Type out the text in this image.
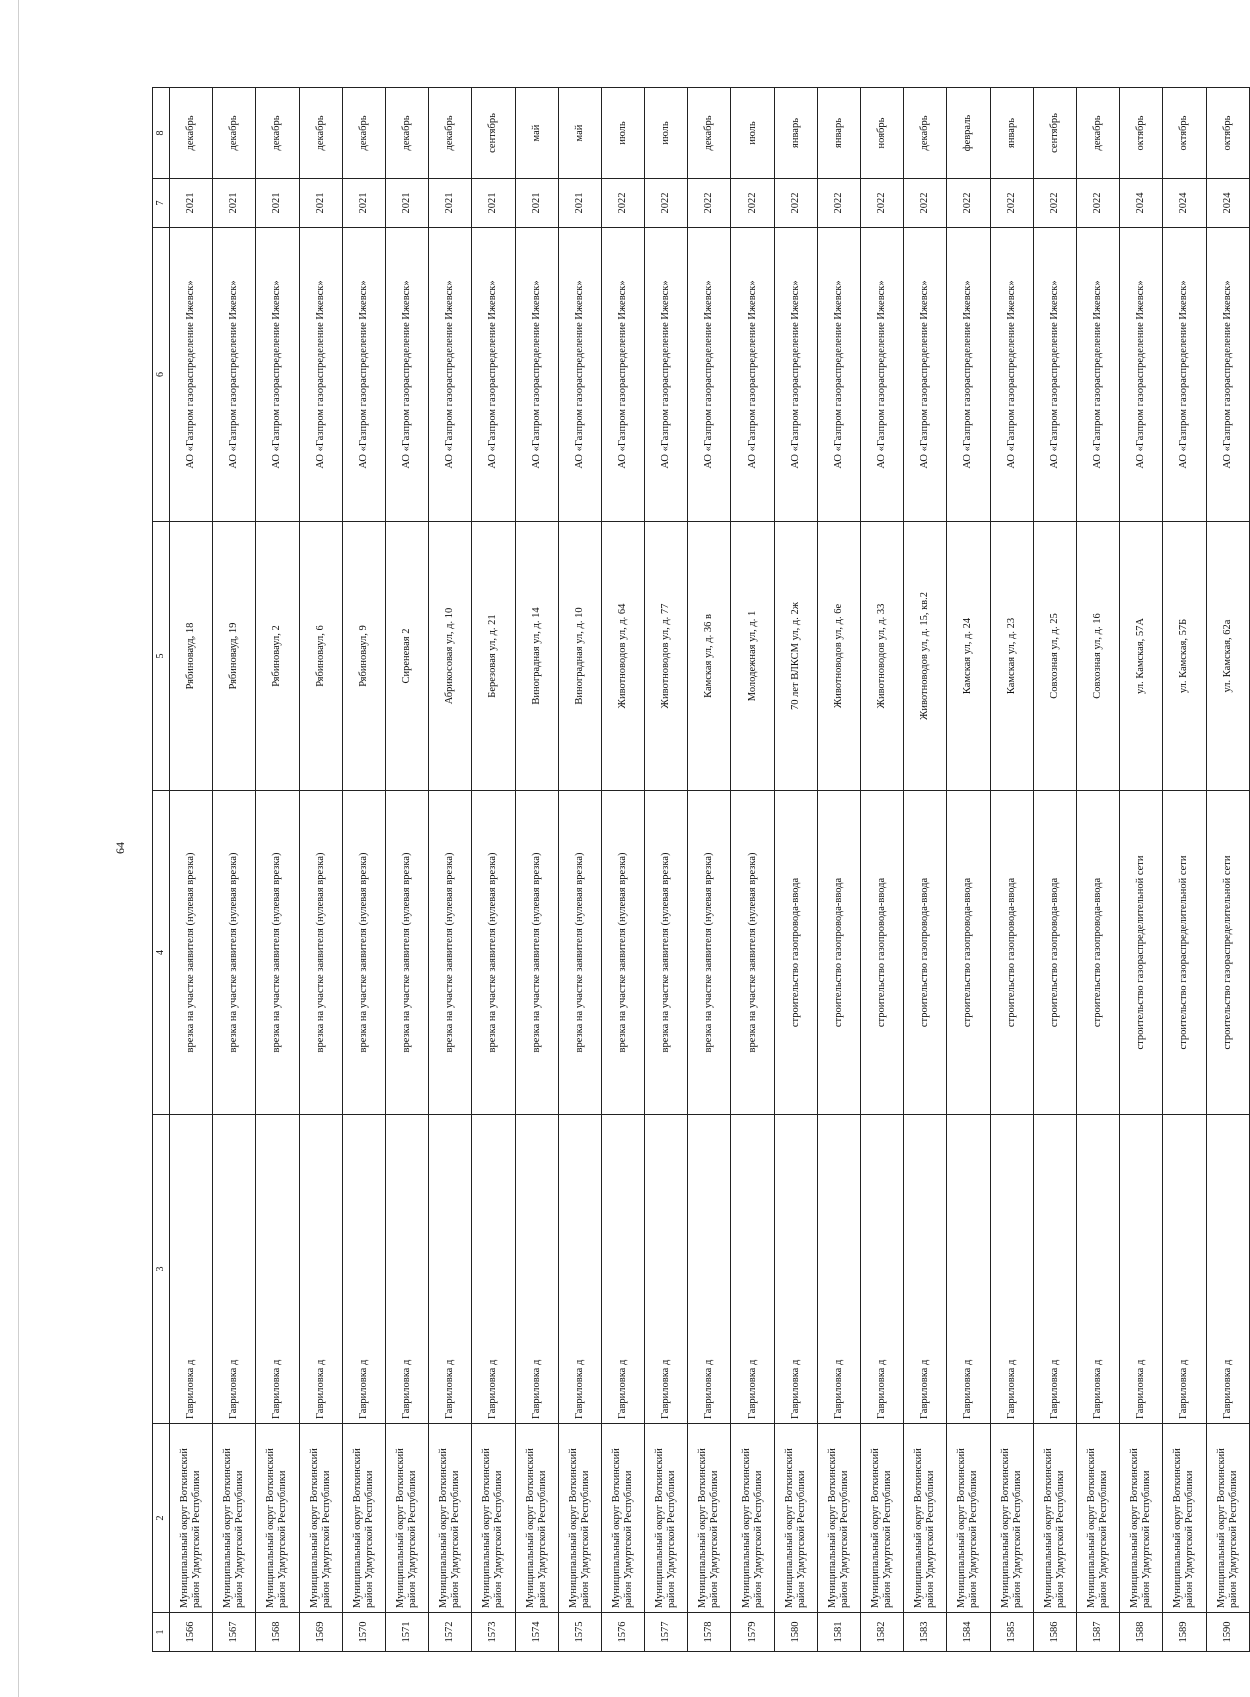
64
1	2	3	4	5	6	7	8
1566	Муниципальный округ Воткинский район Удмуртской Республики	Гавриловка д	врезка на участке заявителя (нулевая врезка)	Рябиновауд, 18	АО «Газпром газораспределение Ижевск»	2021	декабрь
1567	Муниципальный округ Воткинский район Удмуртской Республики	Гавриловка д	врезка на участке заявителя (нулевая врезка)	Рябиновауд, 19	АО «Газпром газораспределение Ижевск»	2021	декабрь
1568	Муниципальный округ Воткинский район Удмуртской Республики	Гавриловка д	врезка на участке заявителя (нулевая врезка)	Рябиноваул, 2	АО «Газпром газораспределение Ижевск»	2021	декабрь
1569	Муниципальный округ Воткинский район Удмуртской Республики	Гавриловка д	врезка на участке заявителя (нулевая врезка)	Рябиноваул, 6	АО «Газпром газораспределение Ижевск»	2021	декабрь
1570	Муниципальный округ Воткинский район Удмуртской Республики	Гавриловка д	врезка на участке заявителя (нулевая врезка)	Рябиноваул, 9	АО «Газпром газораспределение Ижевск»	2021	декабрь
1571	Муниципальный округ Воткинский район Удмуртской Республики	Гавриловка д	врезка на участке заявителя (нулевая врезка)	Сиреневая 2	АО «Газпром газораспределение Ижевск»	2021	декабрь
1572	Муниципальный округ Воткинский район Удмуртской Республики	Гавриловка д	врезка на участке заявителя (нулевая врезка)	Абрикосовая ул, д. 10	АО «Газпром газораспределение Ижевск»	2021	декабрь
1573	Муниципальный округ Воткинский район Удмуртской Республики	Гавриловка д	врезка на участке заявителя (нулевая врезка)	Березовая ул, д. 21	АО «Газпром газораспределение Ижевск»	2021	сентябрь
1574	Муниципальный округ Воткинский район Удмуртской Республики	Гавриловка д	врезка на участке заявителя (нулевая врезка)	Виноградная ул, д. 14	АО «Газпром газораспределение Ижевск»	2021	май
1575	Муниципальный округ Воткинский район Удмуртской Республики	Гавриловка д	врезка на участке заявителя (нулевая врезка)	Виноградная ул, д. 10	АО «Газпром газораспределение Ижевск»	2021	май
1576	Муниципальный округ Воткинский район Удмуртской Республики	Гавриловка д	врезка на участке заявителя (нулевая врезка)	Животноводов ул, д. 64	АО «Газпром газораспределение Ижевск»	2022	июль
1577	Муниципальный округ Воткинский район Удмуртской Республики	Гавриловка д	врезка на участке заявителя (нулевая врезка)	Животноводов ул, д. 77	АО «Газпром газораспределение Ижевск»	2022	июль
1578	Муниципальный округ Воткинский район Удмуртской Республики	Гавриловка д	врезка на участке заявителя (нулевая врезка)	Камская ул, д. 36 в	АО «Газпром газораспределение Ижевск»	2022	декабрь
1579	Муниципальный округ Воткинский район Удмуртской Республики	Гавриловка д	врезка на участке заявителя (нулевая врезка)	Молодежная ул, д. 1	АО «Газпром газораспределение Ижевск»	2022	июль
1580	Муниципальный округ Воткинский район Удмуртской Республики	Гавриловка д	строительство газопровода-ввода	70 лет ВЛКСМ ул, д. 2ж	АО «Газпром газораспределение Ижевск»	2022	январь
1581	Муниципальный округ Воткинский район Удмуртской Республики	Гавриловка д	строительство газопровода-ввода	Животноводов ул, д. 6е	АО «Газпром газораспределение Ижевск»	2022	январь
1582	Муниципальный округ Воткинский район Удмуртской Республики	Гавриловка д	строительство газопровода-ввода	Животноводов ул, д. 33	АО «Газпром газораспределение Ижевск»	2022	ноябрь
1583	Муниципальный округ Воткинский район Удмуртской Республики	Гавриловка д	строительство газопровода-ввода	Животноводов ул, д. 15, кв.2	АО «Газпром газораспределение Ижевск»	2022	декабрь
1584	Муниципальный округ Воткинский район Удмуртской Республики	Гавриловка д	строительство газопровода-ввода	Камская ул, д. 24	АО «Газпром газораспределение Ижевск»	2022	февраль
1585	Муниципальный округ Воткинский район Удмуртской Республики	Гавриловка д	строительство газопровода-ввода	Камская ул, д. 23	АО «Газпром газораспределение Ижевск»	2022	январь
1586	Муниципальный округ Воткинский район Удмуртской Республики	Гавриловка д	строительство газопровода-ввода	Совхозная ул, д. 25	АО «Газпром газораспределение Ижевск»	2022	сентябрь
1587	Муниципальный округ Воткинский район Удмуртской Республики	Гавриловка д	строительство газопровода-ввода	Совхозная ул, д. 16	АО «Газпром газораспределение Ижевск»	2022	декабрь
1588	Муниципальный округ Воткинский район Удмуртской Республики	Гавриловка д	строительство газораспределительной сети	ул. Камская, 57А	АО «Газпром газораспределение Ижевск»	2024	октябрь
1589	Муниципальный округ Воткинский район Удмуртской Республики	Гавриловка д	строительство газораспределительной сети	ул. Камская, 57Б	АО «Газпром газораспределение Ижевск»	2024	октябрь
1590	Муниципальный округ Воткинский район Удмуртской Республики	Гавриловка д	строительство газораспределительной сети	ул. Камская, 62а	АО «Газпром газораспределение Ижевск»	2024	октябрь
